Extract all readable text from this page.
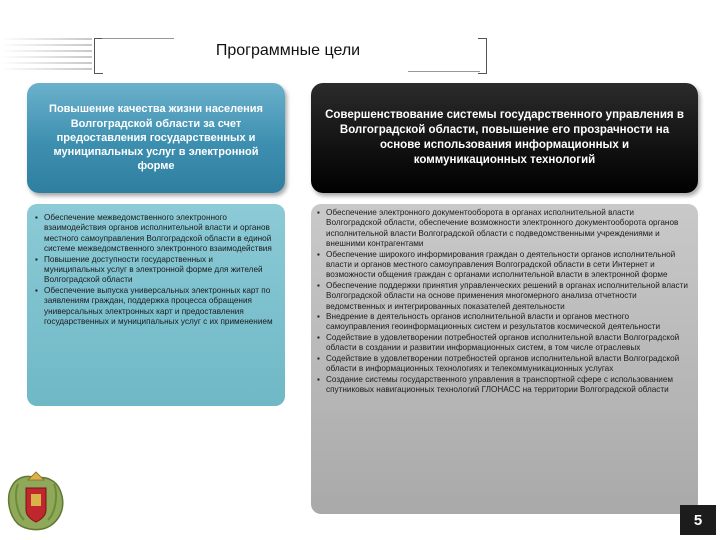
Программные цели
Повышение качества жизни населения Волгоградской области за счет предоставления государственных и муниципальных услуг в электронной форме
Совершенствование системы государственного управления в Волгоградской области, повышение его прозрачности на основе использования информационных и коммуникационных технологий
▪ Обеспечение межведомственного электронного взаимодействия органов исполнительной власти и органов местного самоуправления Волгоградской области в единой системе межведомственного электронного взаимодействия
▪ Повышение доступности государственных и муниципальных услуг в электронной форме для жителей Волгоградской области
▪ Обеспечение выпуска универсальных электронных карт по заявлениям граждан, поддержка процесса обращения универсальных электронных карт и предоставления государственных и муниципальных услуг с их применением
▪ Обеспечение электронного документооборота в органах исполнительной власти Волгоградской области, обеспечение возможности электронного документооборота органов исполнительной власти Волгоградской области с подведомственными учреждениями и внешними контрагентами
▪ Обеспечение широкого информирования граждан о деятельности органов исполнительной власти и органов местного самоуправления Волгоградской области в сети Интернет и возможности общения граждан с органами исполнительной власти в электронной форме
▪ Обеспечение поддержки принятия управленческих решений в органах исполнительной власти Волгоградской области на основе применения многомерного анализа отчетности ведомственных и интегрированных показателей деятельности
▪ Внедрение в деятельность органов исполнительной власти и органов местного самоуправления геоинформационных систем и результатов космической деятельности
▪ Содействие в удовлетворении потребностей органов исполнительной власти Волгоградской области в создании и развитии информационных систем, в том числе отраслевых
▪ Содействие в удовлетворении потребностей органов исполнительной власти Волгоградской области в информационных технологиях и телекоммуникационных услугах
▪ Создание системы государственного управления в транспортной сфере с использованием спутниковых навигационных технологий ГЛОНАСС на территории Волгоградской области
5
